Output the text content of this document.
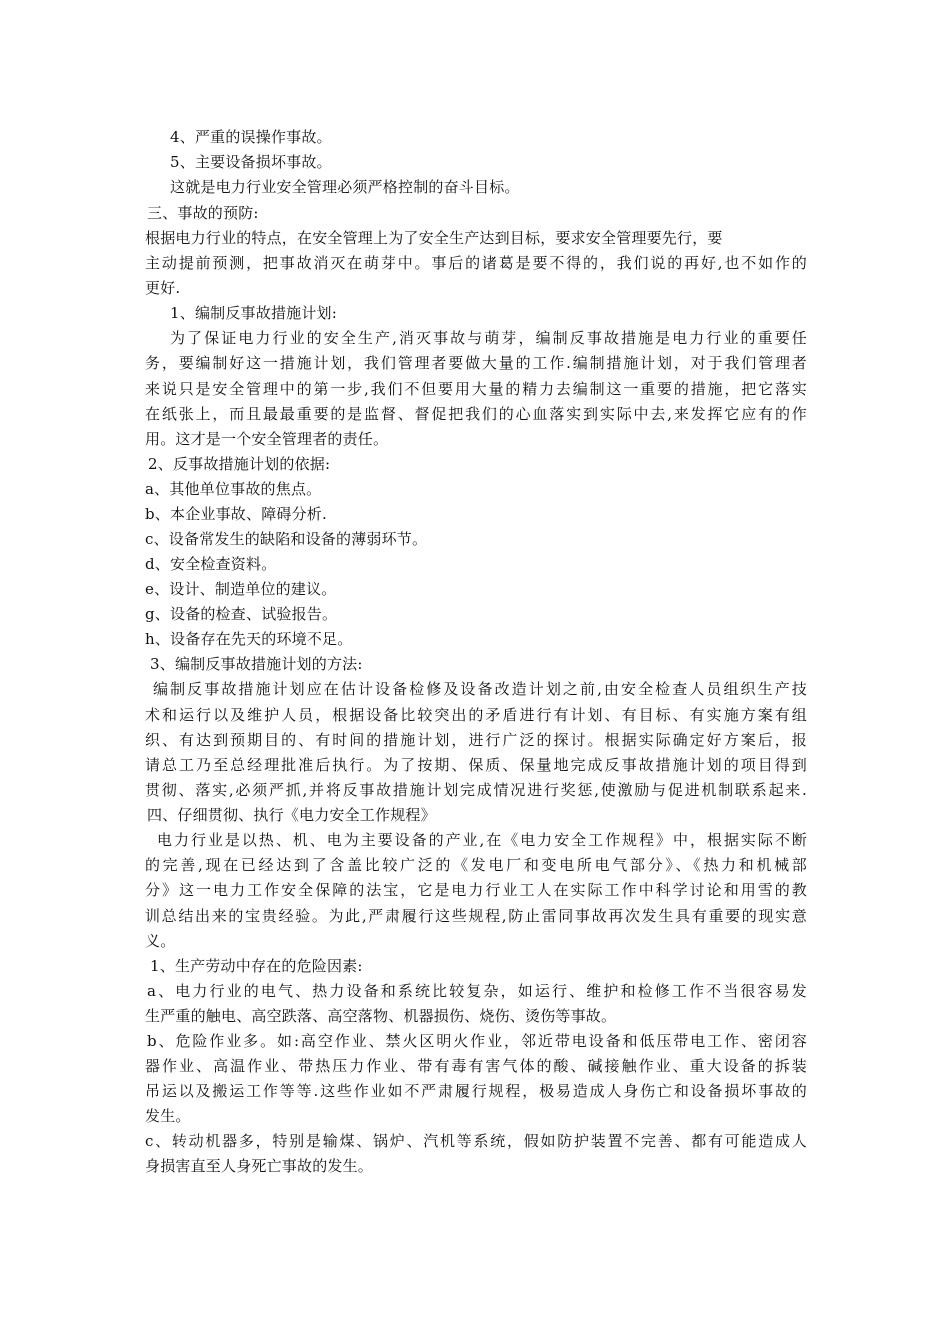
4、严重的误操作事故。
5、主要设备损坏事故。
这就是电力行业安全管理必须严格控制的奋斗目标。
三、事故的预防:
根据电力行业的特点，在安全管理上为了安全生产达到目标，要求安全管理要先行，要
主动提前预测，把事故消灭在萌芽中。事后的诸葛是要不得的，我们说的再好,也不如作的
更好.
1、编制反事故措施计划:
为了保证电力行业的安全生产,消灭事故与萌芽，编制反事故措施是电力行业的重要任
务，要编制好这一措施计划，我们管理者要做大量的工作.编制措施计划，对于我们管理者
来说只是安全管理中的第一步,我们不但要用大量的精力去编制这一重要的措施，把它落实
在纸张上，而且最最重要的是监督、督促把我们的心血落实到实际中去,来发挥它应有的作
用。这才是一个安全管理者的责任。
2、反事故措施计划的依据:
a、其他单位事故的焦点。
b、本企业事故、障碍分析.
c、设备常发生的缺陷和设备的薄弱环节。
d、安全检查资料。
e、设计、制造单位的建议。
g、设备的检查、试验报告。
h、设备存在先天的环境不足。
3、编制反事故措施计划的方法:
编制反事故措施计划应在估计设备检修及设备改造计划之前,由安全检查人员组织生产技
术和运行以及维护人员，根据设备比较突出的矛盾进行有计划、有目标、有实施方案有组
织、有达到预期目的、有时间的措施计划，进行广泛的探讨。根据实际确定好方案后，报
请总工乃至总经理批准后执行。为了按期、保质、保量地完成反事故措施计划的项目得到
贯彻、落实,必须严抓,并将反事故措施计划完成情况进行奖惩,使激励与促进机制联系起来.
四、仔细贯彻、执行《电力安全工作规程》
电力行业是以热、机、电为主要设备的产业,在《电力安全工作规程》中，根据实际不断
的完善,现在已经达到了含盖比较广泛的《发电厂和变电所电气部分》、《热力和机械部
分》这一电力工作安全保障的法宝，它是电力行业工人在实际工作中科学讨论和用雪的教
训总结出来的宝贵经验。为此,严肃履行这些规程,防止雷同事故再次发生具有重要的现实意
义。
1、生产劳动中存在的危险因素:
a、电力行业的电气、热力设备和系统比较复杂，如运行、维护和检修工作不当很容易发
生严重的触电、高空跌落、高空落物、机器损伤、烧伤、烫伤等事故。
b、危险作业多。如:高空作业、禁火区明火作业，邻近带电设备和低压带电工作、密闭容
器作业、高温作业、带热压力作业、带有毒有害气体的酸、碱接触作业、重大设备的拆装
吊运以及搬运工作等等.这些作业如不严肃履行规程，极易造成人身伤亡和设备损坏事故的
发生。
c、转动机器多，特别是输煤、锅炉、汽机等系统，假如防护装置不完善、都有可能造成人
身损害直至人身死亡事故的发生。
